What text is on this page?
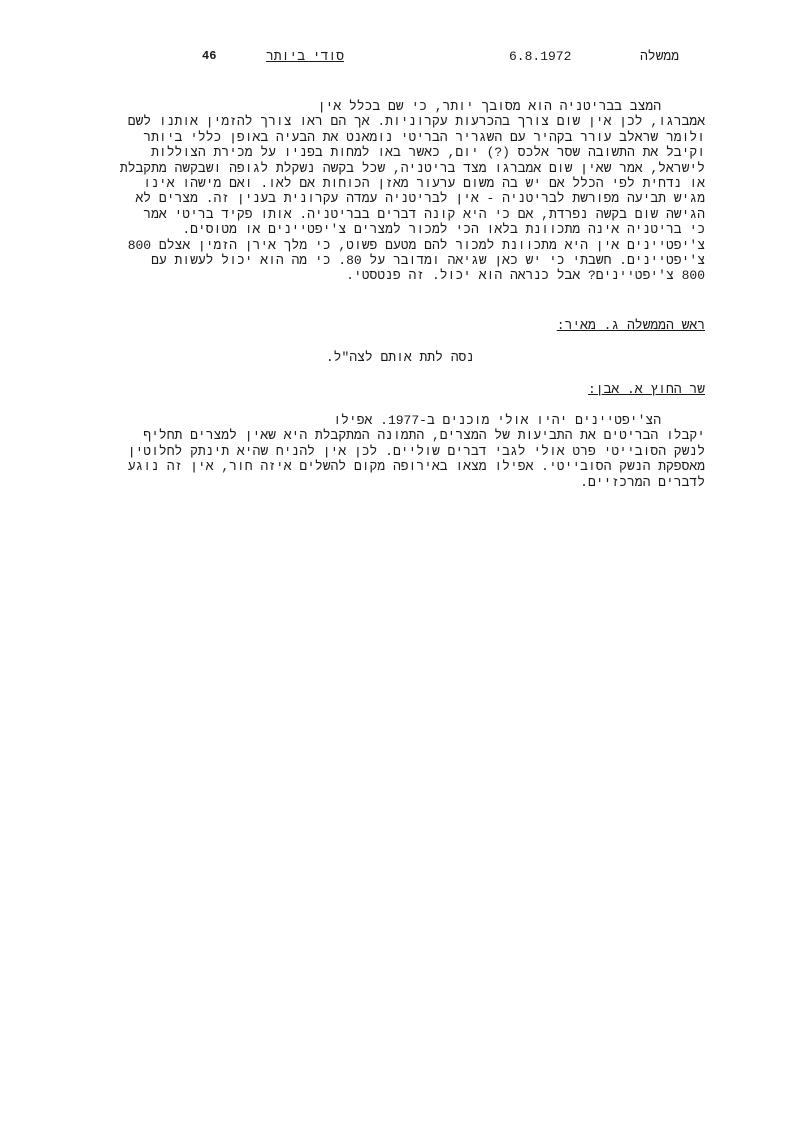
ממשלה
6.8.1972
סודי ביותר
46
המצב בבריטניה הוא מסובך יותר, כי שם בכלל אין
אמברגו, לכן אין שום צורך בהכרעות עקרוניות. אך הם ראו צורך להזמין אותנו לשם
ולומר שראלב עורר בקהיר עם השגריר הבריטי נומאנט את הבעיה באופן כללי ביותר
וקיבל את התשובה שסר אלכס (?) יום, כאשר באו למחות בפניו על מכירת הצוללות
לישראל, אמר שאין שום אמברגו מצד בריטניה, שכל בקשה נשקלת לגופה ושבקשה מתקבלת
או נדחית לפי הכלל אם יש בה משום ערעור מאזן הכוחות אם לאו. ואם מישהו אינו
מגיש תביעה מפורשת לבריטניה - אין לבריטניה עמדה עקרונית בענין זה. מצרים לא
הגישה שום בקשה נפרדת, אם כי היא קונה דברים בבריטניה. אותו פקיד בריטי אמר
כי בריטניה אינה מתכוונת בלאו הכי למכור למצרים צ'יפטיינים או מטוסים.
צ'יפטיינים אין היא מתכוונת למכור להם מטעם פשוט, כי מלך אירן הזמין אצלם 800
צ'יפטיינים. חשבתי כי יש כאן שגיאה ומדובר על 80. כי מה הוא יכול לעשות עם
800 צ'יפטיינים? אבל כנראה הוא יכול. זה פנטסטי.
ראש הממשלה ג. מאיר:
נסה לתת אותם לצה"ל.
שר החוץ א. אבן:
הצ'יפטיינים יהיו אולי מוכנים ב-1977. אפילו
יקבלו הבריטים את התביעות של המצרים, התמונה המתקבלת היא שאין למצרים תחליף
לנשק הסובייטי פרט אולי לגבי דברים שוליים. לכן אין להניח שהיא תינתק לחלוטין
מאספקת הנשק הסובייטי. אפילו מצאו באירופה מקום להשלים איזה חור, אין זה נוגע
לדברים המרכזיים.
